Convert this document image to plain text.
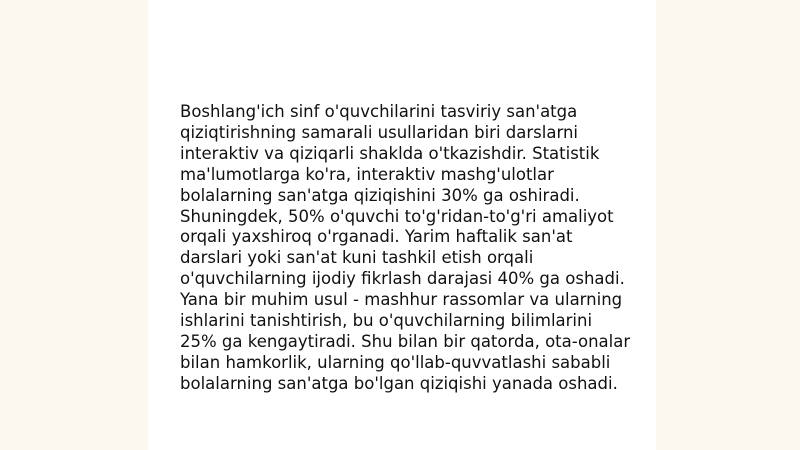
Boshlang'ich sinf o'quvchilarini tasviriy san'atga
qiziqtirishning samarali usullaridan biri darslarni
interaktiv va qiziqarli shaklda o'tkazishdir. Statistik
ma'lumotlarga ko'ra, interaktiv mashg'ulotlar
bolalarning san'atga qiziqishini 30% ga oshiradi.
Shuningdek, 50% o'quvchi to'g'ridan-to'g'ri amaliyot
orqali yaxshiroq o'rganadi. Yarim haftalik san'at
darslari yoki san'at kuni tashkil etish orqali
o'quvchilarning ijodiy fikrlash darajasi 40% ga oshadi.
Yana bir muhim usul - mashhur rassomlar va ularning
ishlarini tanishtirish, bu o'quvchilarning bilimlarini
25% ga kengaytiradi. Shu bilan bir qatorda, ota-onalar
bilan hamkorlik, ularning qo'llab-quvvatlashi sababli
bolalarning san'atga bo'lgan qiziqishi yanada oshadi.
